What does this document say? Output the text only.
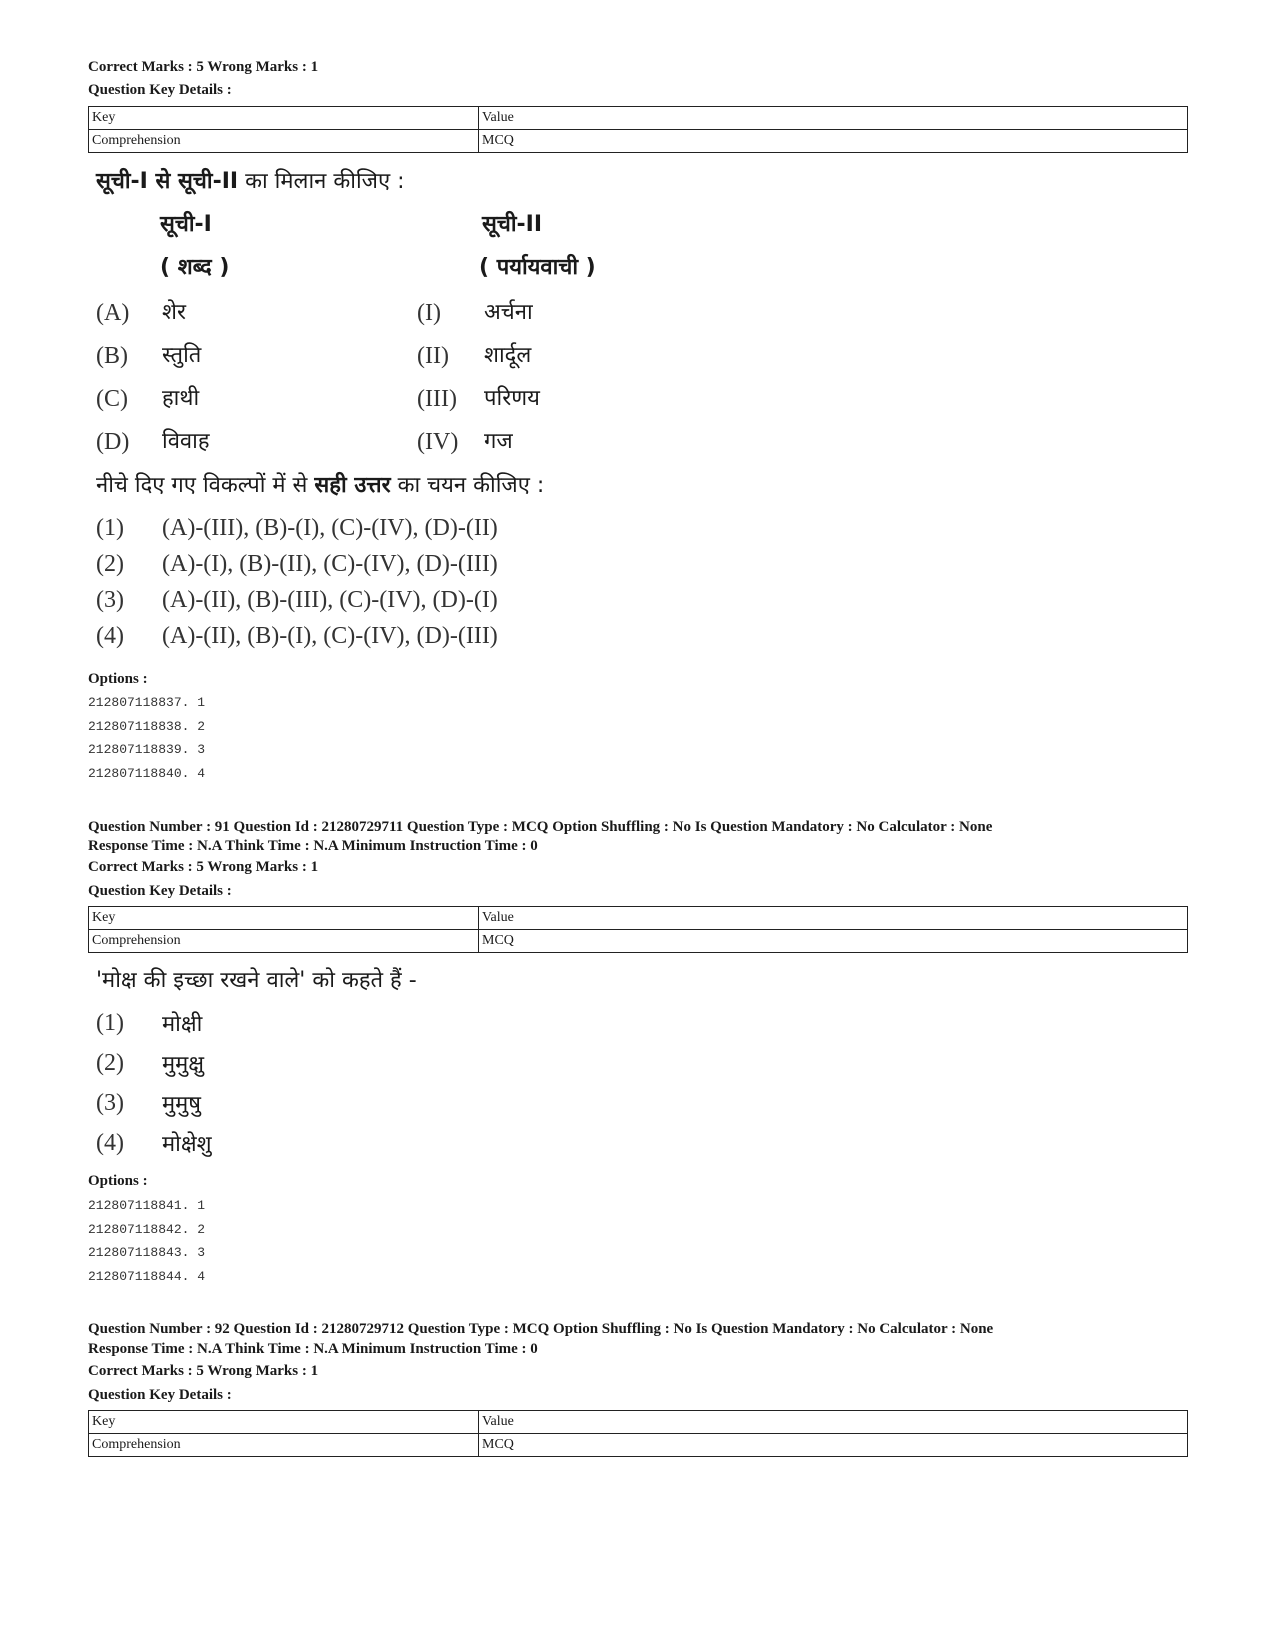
Correct Marks : 5 Wrong Marks : 1
Question Key Details :
Key	Value
Comprehension	MCQ
सूची-I से सूची-II का मिलान कीजिए :
सूची-I	सूची-II
( शब्द )	( पर्यायवाची )
(A) शेर	(I) अर्चना
(B) स्तुति	(II) शार्दूल
(C) हाथी	(III) परिणय
(D) विवाह	(IV) गज
नीचे दिए गए विकल्पों में से सही उत्तर का चयन कीजिए :
(1) (A)-(III), (B)-(I), (C)-(IV), (D)-(II)
(2) (A)-(I), (B)-(II), (C)-(IV), (D)-(III)
(3) (A)-(II), (B)-(III), (C)-(IV), (D)-(I)
(4) (A)-(II), (B)-(I), (C)-(IV), (D)-(III)
Options :
212807118837. 1
212807118838. 2
212807118839. 3
212807118840. 4
Question Number : 91 Question Id : 21280729711 Question Type : MCQ Option Shuffling : No Is Question Mandatory : No Calculator : None
Response Time : N.A Think Time : N.A Minimum Instruction Time : 0
Correct Marks : 5 Wrong Marks : 1
Question Key Details :
Key	Value
Comprehension	MCQ
'मोक्ष की इच्छा रखने वाले' को कहते हैं -
(1) मोक्षी
(2) मुमुक्षु
(3) मुमुषु
(4) मोक्षेशु
Options :
212807118841. 1
212807118842. 2
212807118843. 3
212807118844. 4
Question Number : 92 Question Id : 21280729712 Question Type : MCQ Option Shuffling : No Is Question Mandatory : No Calculator : None
Response Time : N.A Think Time : N.A Minimum Instruction Time : 0
Correct Marks : 5 Wrong Marks : 1
Question Key Details :
Key	Value
Comprehension	MCQ
